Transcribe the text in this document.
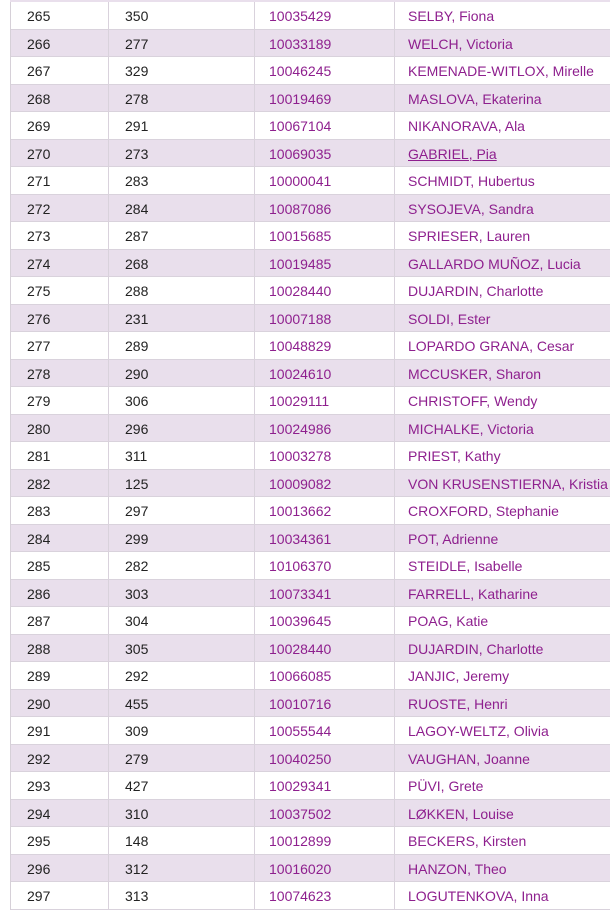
265	350	10035429	SELBY, Fiona
266	277	10033189	WELCH, Victoria
267	329	10046245	KEMENADE-WITLOX, Mirelle
268	278	10019469	MASLOVA, Ekaterina
269	291	10067104	NIKANORAVA, Ala
270	273	10069035	GABRIEL, Pia
271	283	10000041	SCHMIDT, Hubertus
272	284	10087086	SYSOJEVA, Sandra
273	287	10015685	SPRIESER, Lauren
274	268	10019485	GALLARDO MUÑOZ, Lucia
275	288	10028440	DUJARDIN, Charlotte
276	231	10007188	SOLDI, Ester
277	289	10048829	LOPARDO GRANA, Cesar
278	290	10024610	MCCUSKER, Sharon
279	306	10029111	CHRISTOFF, Wendy
280	296	10024986	MICHALKE, Victoria
281	311	10003278	PRIEST, Kathy
282	125	10009082	VON KRUSENSTIERNA, Kristia
283	297	10013662	CROXFORD, Stephanie
284	299	10034361	POT, Adrienne
285	282	10106370	STEIDLE, Isabelle
286	303	10073341	FARRELL, Katharine
287	304	10039645	POAG, Katie
288	305	10028440	DUJARDIN, Charlotte
289	292	10066085	JANJIC, Jeremy
290	455	10010716	RUOSTE, Henri
291	309	10055544	LAGOY-WELTZ, Olivia
292	279	10040250	VAUGHAN, Joanne
293	427	10029341	PÜVI, Grete
294	310	10037502	LØKKEN, Louise
295	148	10012899	BECKERS, Kirsten
296	312	10016020	HANZON, Theo
297	313	10074623	LOGUTENKOVA, Inna
